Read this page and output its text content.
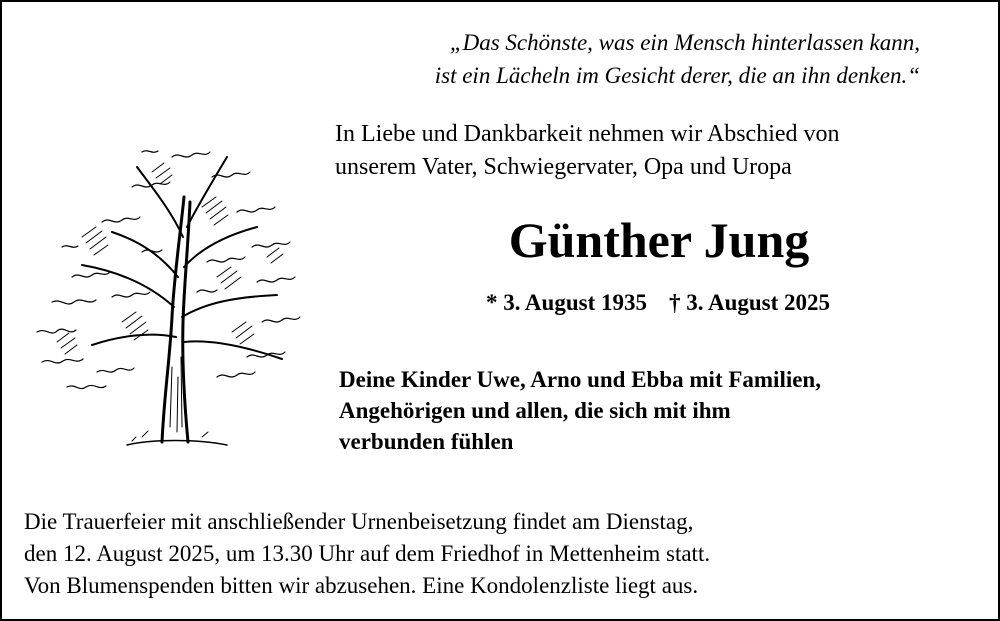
„Das Schönste, was ein Mensch hinterlassen kann,
ist ein Lächeln im Gesicht derer, die an ihn denken.“
In Liebe und Dankbarkeit nehmen wir Abschied von
unserem Vater, Schwiegervater, Opa und Uropa
Günther Jung
* 3. August 1935 † 3. August 2025
Deine Kinder Uwe, Arno und Ebba mit Familien,
Angehörigen und allen, die sich mit ihm
verbunden fühlen
Die Trauerfeier mit anschließender Urnenbeisetzung findet am Dienstag,
den 12. August 2025, um 13.30 Uhr auf dem Friedhof in Mettenheim statt.
Von Blumenspenden bitten wir abzusehen. Eine Kondolenzliste liegt aus.
